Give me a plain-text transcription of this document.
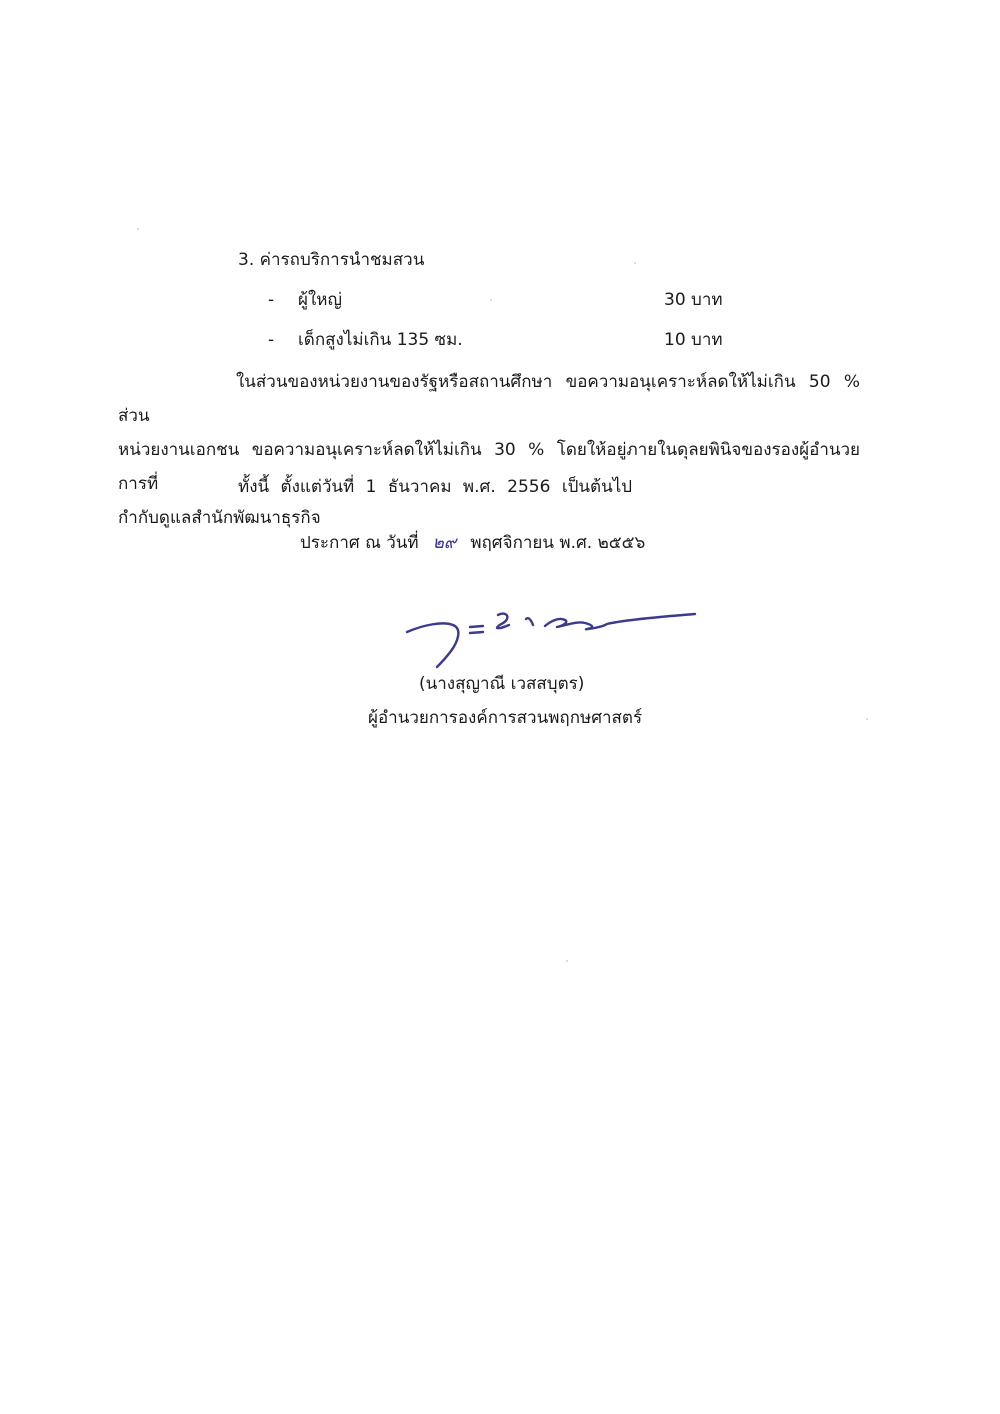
3. ค่ารถบริการนำชมสวน
- ผู้ใหญ่	30 บาท
- เด็กสูงไม่เกิน 135 ซม.	10 บาท
ในส่วนของหน่วยงานของรัฐหรือสถานศึกษา ขอความอนุเคราะห์ลดให้ไม่เกิน 50 % ส่วน
หน่วยงานเอกชน ขอความอนุเคราะห์ลดให้ไม่เกิน 30 % โดยให้อยู่ภายในดุลยพินิจของรองผู้อำนวยการที่
กำกับดูแลสำนักพัฒนาธุรกิจ
ทั้งนี้ ตั้งแต่วันที่ 1 ธันวาคม พ.ศ. 2556 เป็นต้นไป
ประกาศ ณ วันที่ ๒๙ พฤศจิกายน พ.ศ. ๒๕๕๖
(นางสุญาณี เวสสบุตร)
ผู้อำนวยการองค์การสวนพฤกษศาสตร์
